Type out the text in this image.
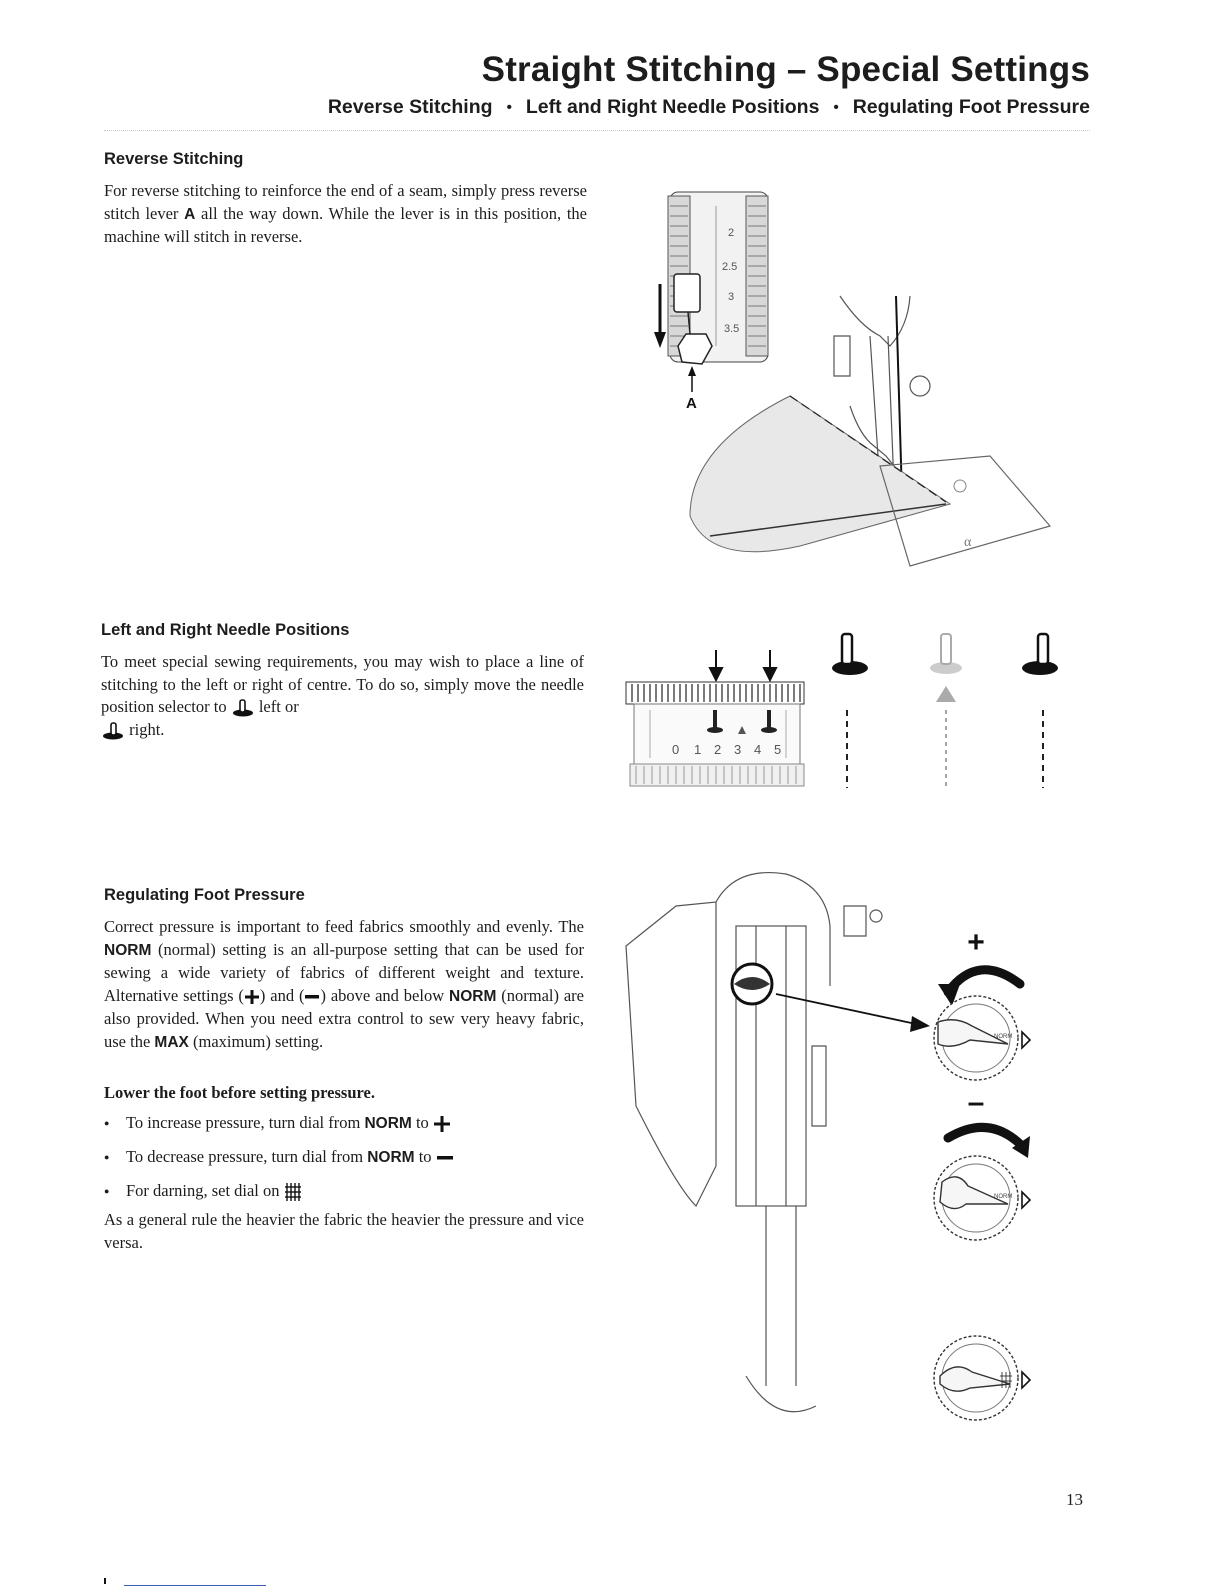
Straight Stitching – Special Settings
Reverse Stitching • Left and Right Needle Positions • Regulating Foot Pressure
Reverse Stitching

For reverse stitching to reinforce the end of a seam, simply press reverse stitch lever A all the way down. While the lever is in this position, the machine will stitch in reverse.	2
2.5
3
3.5
A
α
Left and Right Needle Positions

To meet special sewing requirements, you may wish to place a line of stitching to the left or right of centre. To do so, simply move the needle position selector to  left or
right.

0 1 2 3 4 5
Regulating Foot Pressure

Correct pressure is important to feed fabrics smoothly and evenly. The NORM (normal) setting is an all-purpose setting that can be used for sewing a wide variety of fabrics of different weight and texture. Alternative settings ( ) and ( ) above and below NORM (normal) are also provided. When you need extra control to sew very heavy fabric, use the MAX (maximum) setting.

Lower the foot before setting pressure.

● To increase pressure, turn dial from NORM to
● To decrease pressure, turn dial from NORM to
● For darning, set dial on

As a general rule the heavier the fabric the heavier the pressure and vice versa.

+
NORM
–
NORM
13
